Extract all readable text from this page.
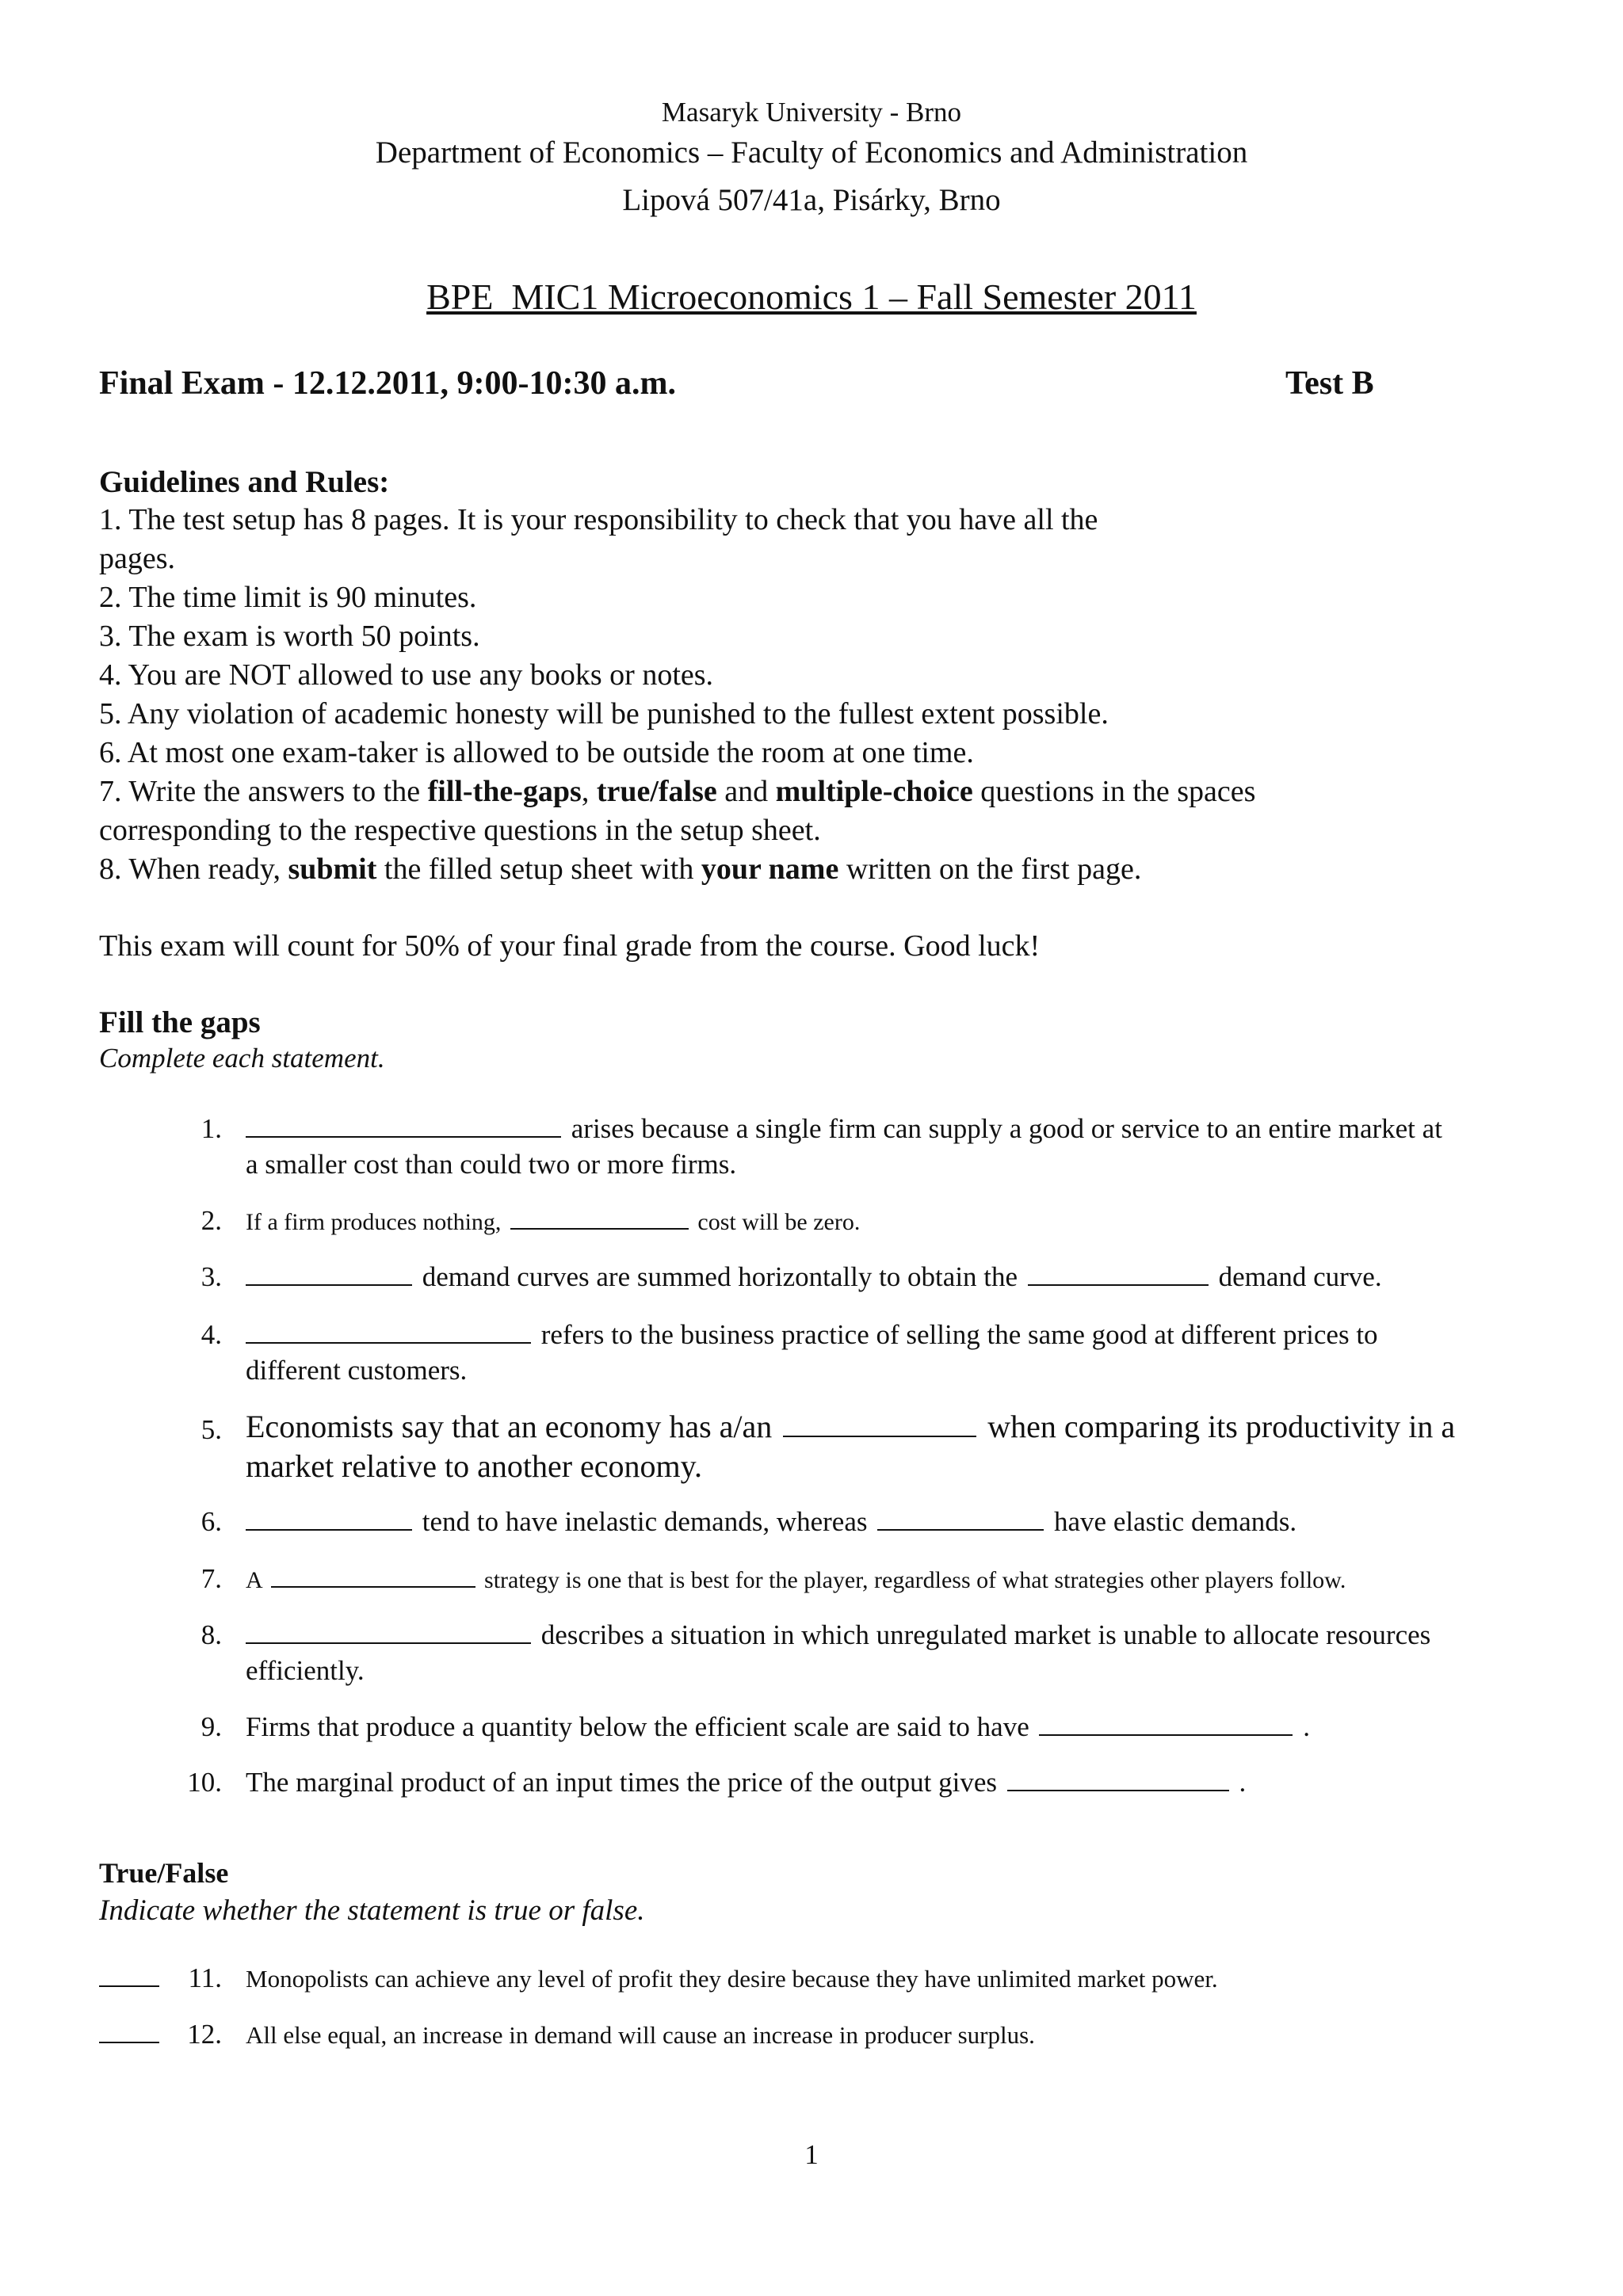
Masaryk University - Brno
Department of Economics – Faculty of Economics and Administration
Lipová 507/41a, Pisárky, Brno
BPE_MIC1 Microeconomics 1 – Fall Semester 2011
Final Exam - 12.12.2011, 9:00-10:30 a.m.	Test B
Guidelines and Rules:
1. The test setup has 8 pages. It is your responsibility to check that you have all the
pages.
2. The time limit is 90 minutes.
3. The exam is worth 50 points.
4. You are NOT allowed to use any books or notes.
5. Any violation of academic honesty will be punished to the fullest extent possible.
6. At most one exam-taker is allowed to be outside the room at one time.
7. Write the answers to the fill-the-gaps, true/false and multiple-choice questions in the spaces
corresponding to the respective questions in the setup sheet.
8. When ready, submit the filled setup sheet with your name written on the first page.
This exam will count for 50% of your final grade from the course. Good luck!
Fill the gaps
Complete each statement.
1.	arises because a single firm can supply a good or service to an entire market at
a smaller cost than could two or more firms.
2. If a firm produces nothing,	cost will be zero.
3.	demand curves are summed horizontally to obtain the	demand curve.
4.	refers to the business practice of selling the same good at different prices to
different customers.
5. Economists say that an economy has a/an	when comparing its productivity in a
market relative to another economy.
6.	tend to have inelastic demands, whereas	have elastic demands.
7. A	strategy is one that is best for the player, regardless of what strategies other players follow.
8.	describes a situation in which unregulated market is unable to allocate resources
efficiently.
9. Firms that produce a quantity below the efficient scale are said to have	.
10. The marginal product of an input times the price of the output gives	.
True/False
Indicate whether the statement is true or false.
11. Monopolists can achieve any level of profit they desire because they have unlimited market power.
12. All else equal, an increase in demand will cause an increase in producer surplus.
1
